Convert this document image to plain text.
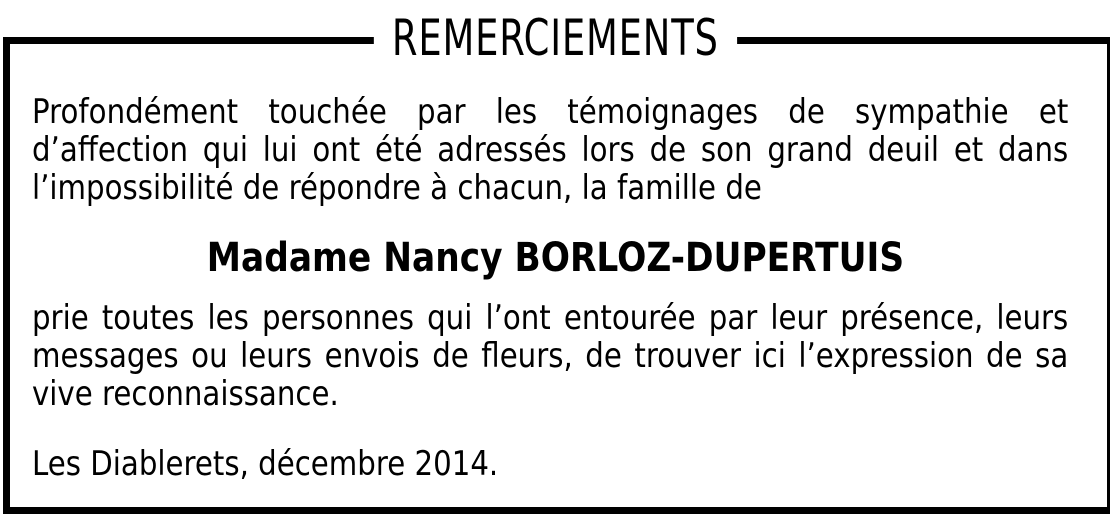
REMERCIEMENTS
Profondément touchée par les témoignages de sympathie et d’affection qui lui ont été adressés lors de son grand deuil et dans l’impossibilité de répondre à chacun, la famille de
Madame Nancy BORLOZ-DUPERTUIS
prie toutes les personnes qui l’ont entourée par leur présence, leurs messages ou leurs envois de fleurs, de trouver ici l’expression de sa vive reconnaissance.
Les Diablerets, décembre 2014.
